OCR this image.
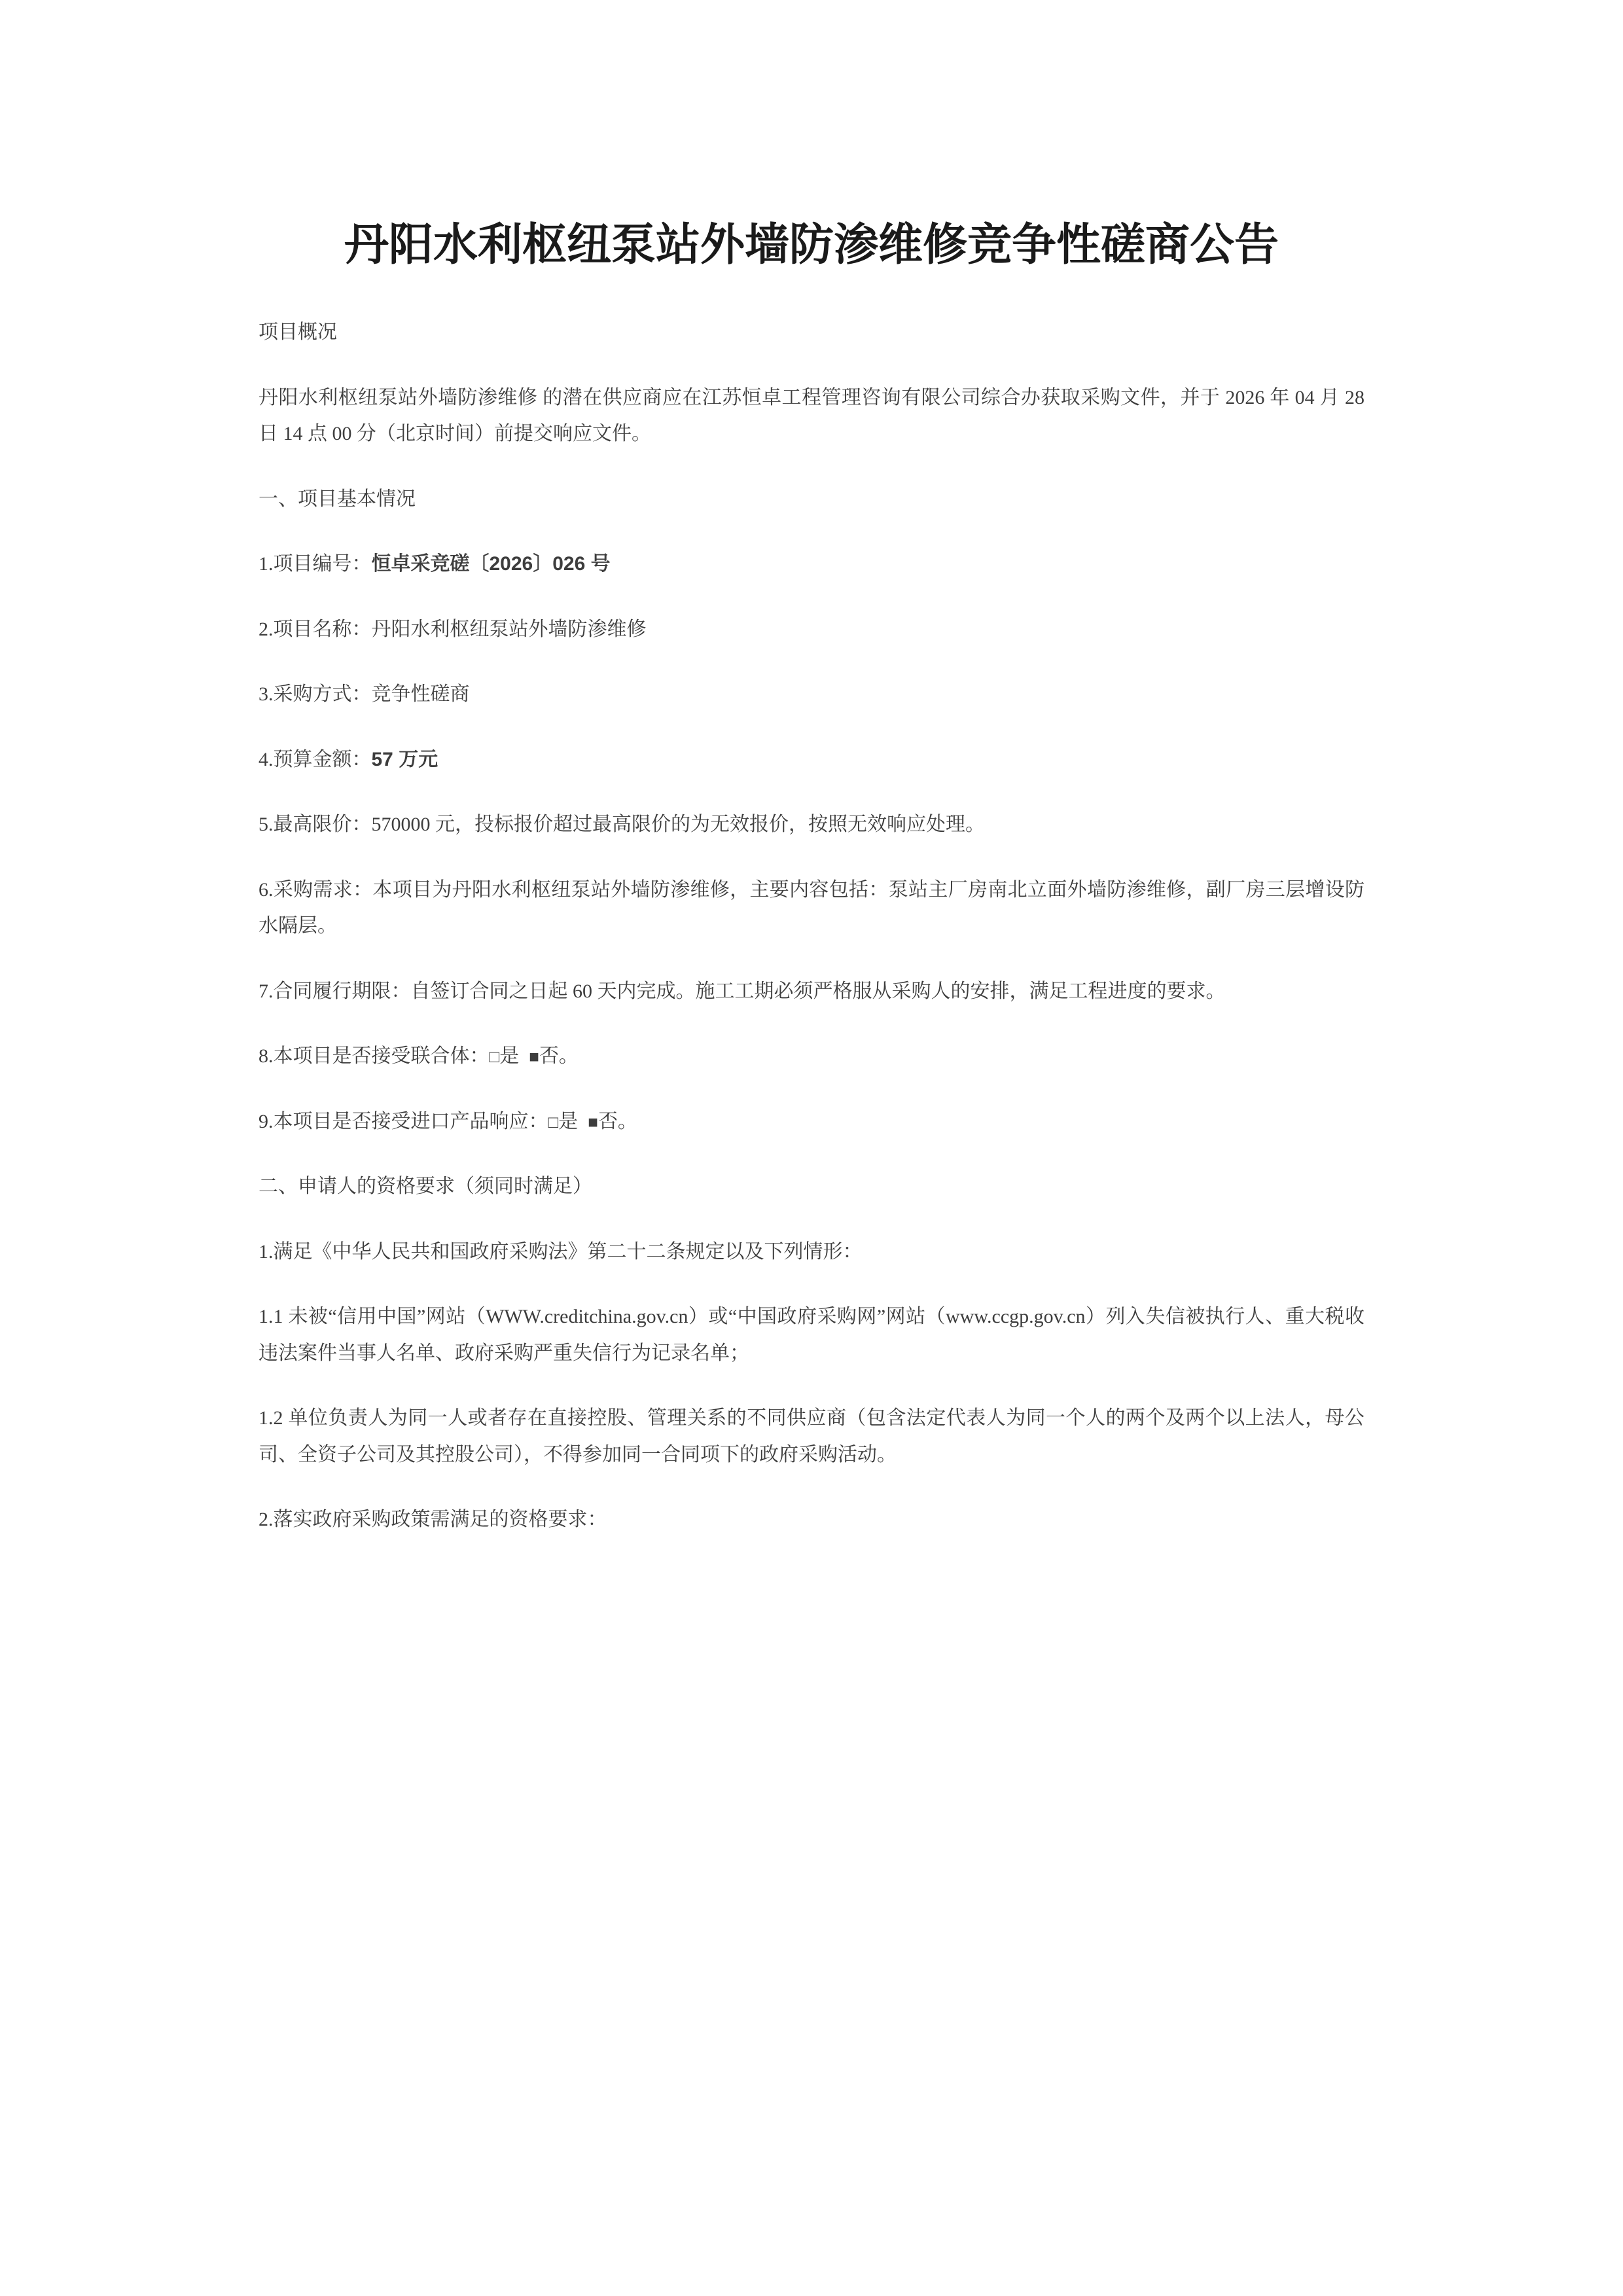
丹阳水利枢纽泵站外墙防渗维修竞争性磋商公告

项目概况

丹阳水利枢纽泵站外墙防渗维修 的潜在供应商应在江苏恒卓工程管理咨询有限公司综合办获取采购文件，并于 2026 年 04 月 28 日 14 点 00 分（北京时间）前提交响应文件。

一、项目基本情况

1.项目编号：恒卓采竞磋〔2026〕026 号

2.项目名称：丹阳水利枢纽泵站外墙防渗维修

3.采购方式：竞争性磋商

4.预算金额：57 万元

5.最高限价：570000 元，投标报价超过最高限价的为无效报价，按照无效响应处理。

6.采购需求：本项目为丹阳水利枢纽泵站外墙防渗维修，主要内容包括：泵站主厂房南北立面外墙防渗维修，副厂房三层增设防水隔层。

7.合同履行期限：自签订合同之日起 60 天内完成。施工工期必须严格服从采购人的安排，满足工程进度的要求。

8.本项目是否接受联合体： □ 是 ■ 否。

9.本项目是否接受进口产品响应： □ 是 ■ 否。

二、申请人的资格要求（须同时满足）

1.满足《中华人民共和国政府采购法》第二十二条规定以及下列情形：

1.1 未被“信用中国”网站（WWW.creditchina.gov.cn）或“中国政府采购网”网站（www.ccgp.gov.cn）列入失信被执行人、重大税收违法案件当事人名单、政府采购严重失信行为记录名单；

1.2 单位负责人为同一人或者存在直接控股、管理关系的不同供应商（包含法定代表人为同一个人的两个及两个以上法人，母公司、全资子公司及其控股公司），不得参加同一合同项下的政府采购活动。

2.落实政府采购政策需满足的资格要求：
